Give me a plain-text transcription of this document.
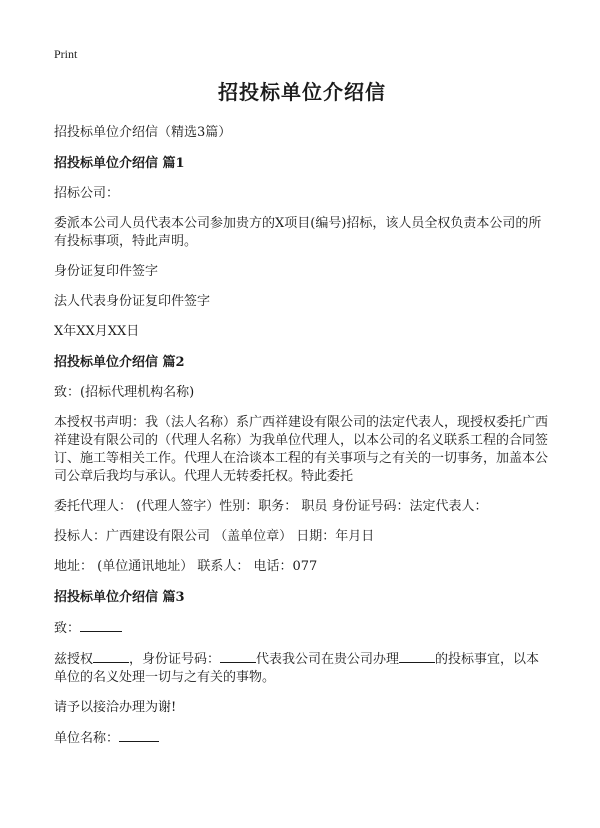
Print

招投标单位介绍信

招投标单位介绍信（精选3篇）

招投标单位介绍信 篇1

招标公司：

委派本公司人员代表本公司参加贵方的X项目(编号)招标，该人员全权负责本公司的所有投标事项，特此声明。

身份证复印件签字

法人代表身份证复印件签字

X年XX月XX日

招投标单位介绍信 篇2

致：(招标代理机构名称)

本授权书声明：我（法人名称）系广西祥建设有限公司的法定代表人，现授权委托广西祥建设有限公司的（代理人名称）为我单位代理人，以本公司的名义联系工程的合同签订、施工等相关工作。代理人在洽谈本工程的有关事项与之有关的一切事务，加盖本公司公章后我均与承认。代理人无转委托权。特此委托

委托代理人： (代理人签字）性别：职务： 职员 身份证号码：法定代表人：

投标人：广西建设有限公司 （盖单位章） 日期：年月日

地址： (单位通讯地址） 联系人： 电话：077

招投标单位介绍信 篇3

致：

兹授权	，身份证号码：	代表我公司在贵公司办理	的投标事宜，以本单位的名义处理一切与之有关的事物。

请予以接洽办理为谢!

单位名称：
